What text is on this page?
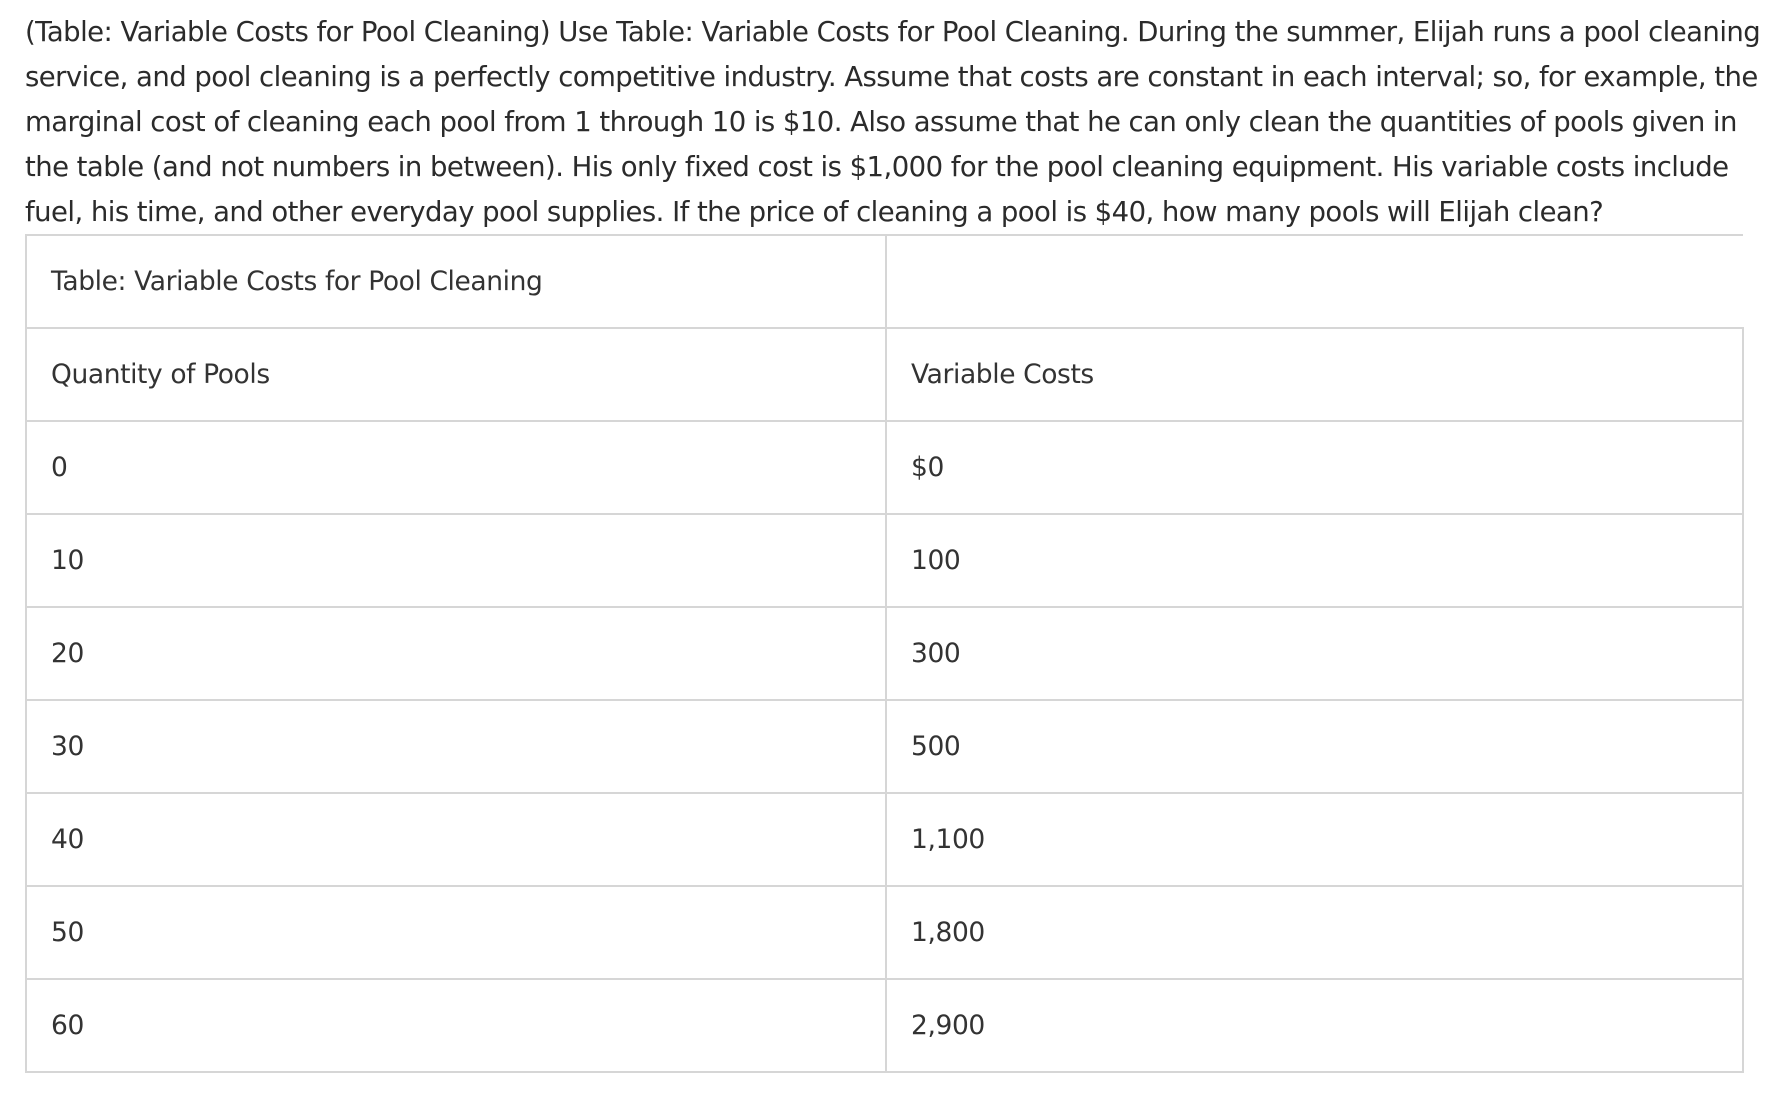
(Table: Variable Costs for Pool Cleaning) Use Table: Variable Costs for Pool Cleaning. During the summer, Elijah runs a pool cleaning service, and pool cleaning is a perfectly competitive industry. Assume that costs are constant in each interval; so, for example, the marginal cost of cleaning each pool from 1 through 10 is $10. Also assume that he can only clean the quantities of pools given in the table (and not numbers in between). His only fixed cost is $1,000 for the pool cleaning equipment. His variable costs include fuel, his time, and other everyday pool supplies. If the price of cleaning a pool is $40, how many pools will Elijah clean?

Table: Variable Costs for Pool Cleaning	
Quantity of Pools	Variable Costs
0	$0
10	100
20	300
30	500
40	1,100
50	1,800
60	2,900
